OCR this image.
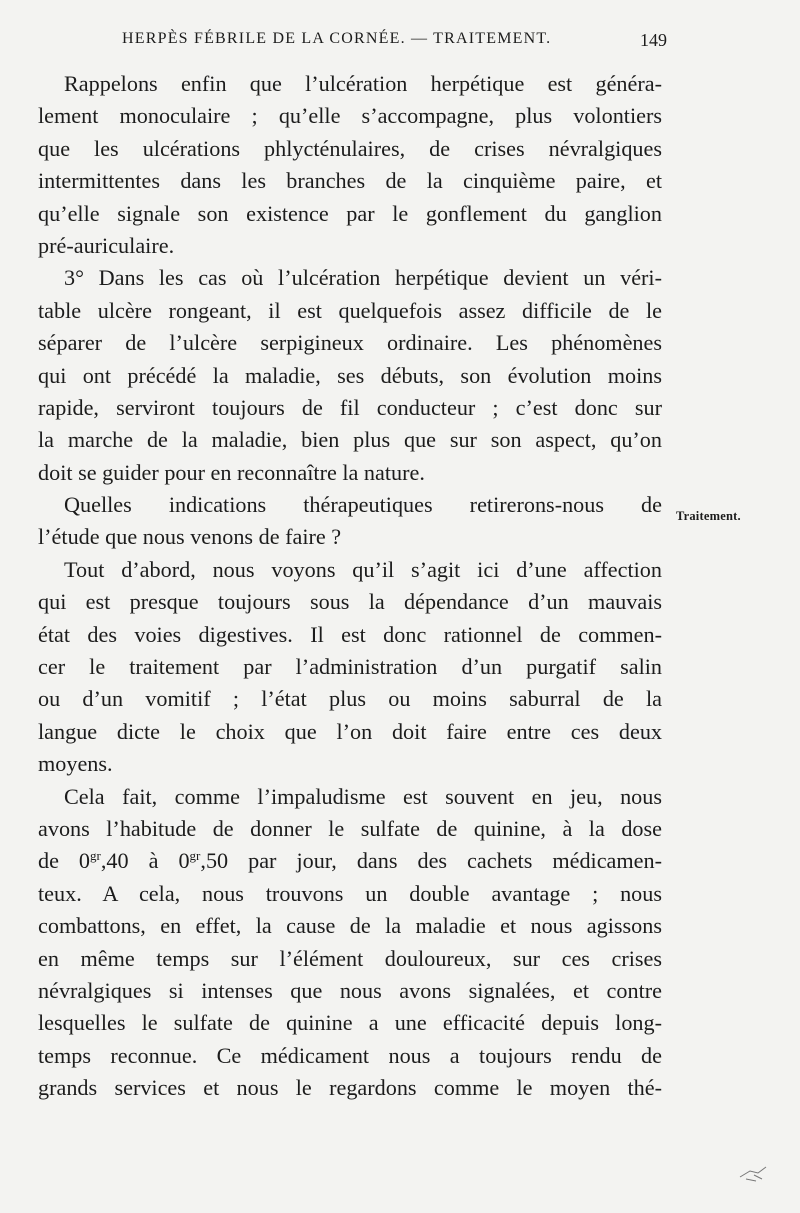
HERPÈS FÉBRILE DE LA CORNÉE. — TRAITEMENT.	149
Rappelons enfin que l’ulcération herpétique est généra-
lement monoculaire ; qu’elle s’accompagne, plus volontiers
que les ulcérations phlycténulaires, de crises névralgiques
intermittentes dans les branches de la cinquième paire, et
qu’elle signale son existence par le gonflement du ganglion
pré-auriculaire.
3° Dans les cas où l’ulcération herpétique devient un véri-
table ulcère rongeant, il est quelquefois assez difficile de le
séparer de l’ulcère serpigineux ordinaire. Les phénomènes
qui ont précédé la maladie, ses débuts, son évolution moins
rapide, serviront toujours de fil conducteur ; c’est donc sur
la marche de la maladie, bien plus que sur son aspect, qu’on
doit se guider pour en reconnaître la nature.
Quelles indications thérapeutiques retirerons-nous de
l’étude que nous venons de faire ?
Tout d’abord, nous voyons qu’il s’agit ici d’une affection
qui est presque toujours sous la dépendance d’un mauvais
état des voies digestives. Il est donc rationnel de commen-
cer le traitement par l’administration d’un purgatif salin
ou d’un vomitif ; l’état plus ou moins saburral de la
langue dicte le choix que l’on doit faire entre ces deux
moyens.
Cela fait, comme l’impaludisme est souvent en jeu, nous
avons l’habitude de donner le sulfate de quinine, à la dose
de $0^{gr},40$ à $0^{gr},50$ par jour, dans des cachets médicamen-
teux. A cela, nous trouvons un double avantage ; nous
combattons, en effet, la cause de la maladie et nous agissons
en même temps sur l’élément douloureux, sur ces crises
névralgiques si intenses que nous avons signalées, et contre
lesquelles le sulfate de quinine a une efficacité depuis long-
temps reconnue. Ce médicament nous a toujours rendu de
grands services et nous le regardons comme le moyen thé-
Traitement.
